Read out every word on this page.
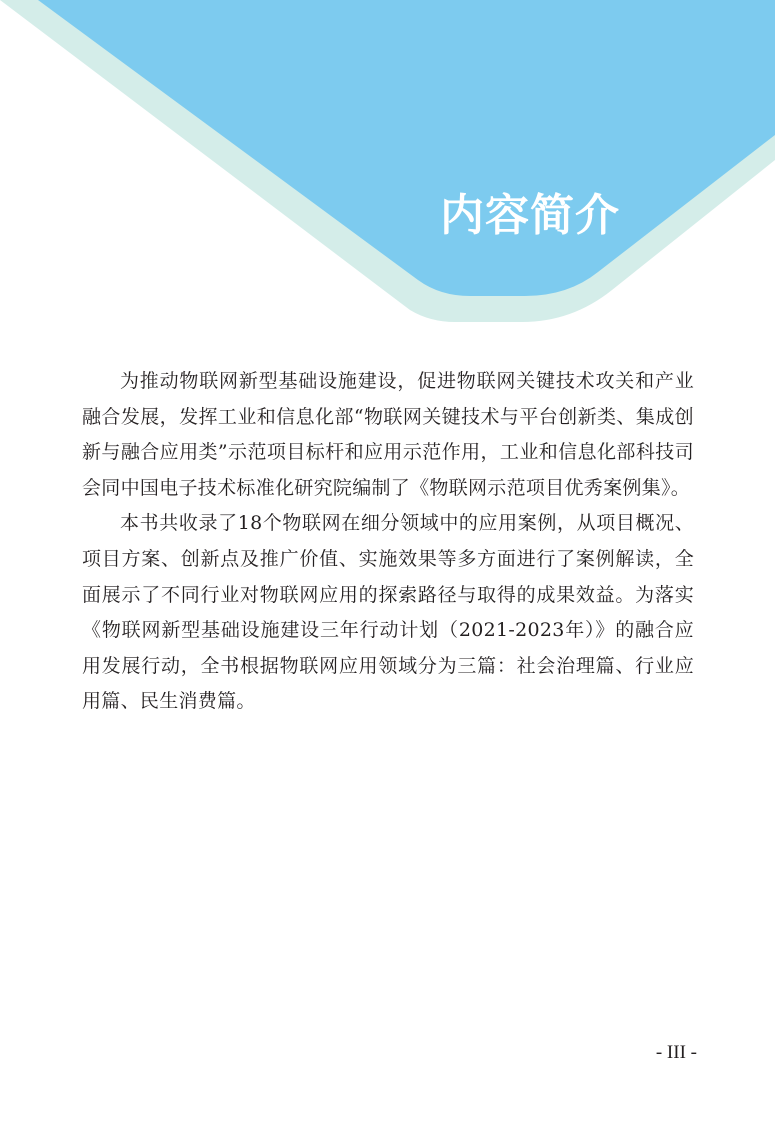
内容简介

为推动物联网新型基础设施建设，促进物联网关键技术攻关和产业融合发展，发挥工业和信息化部“物联网关键技术与平台创新类、集成创新与融合应用类”示范项目标杆和应用示范作用，工业和信息化部科技司会同中国电子技术标准化研究院编制了《物联网示范项目优秀案例集》。

本书共收录了18个物联网在细分领域中的应用案例，从项目概况、项目方案、创新点及推广价值、实施效果等多方面进行了案例解读，全面展示了不同行业对物联网应用的探索路径与取得的成果效益。为落实《物联网新型基础设施建设三年行动计划（2021-2023年）》的融合应用发展行动，全书根据物联网应用领域分为三篇：社会治理篇、行业应用篇、民生消费篇。

- III -
